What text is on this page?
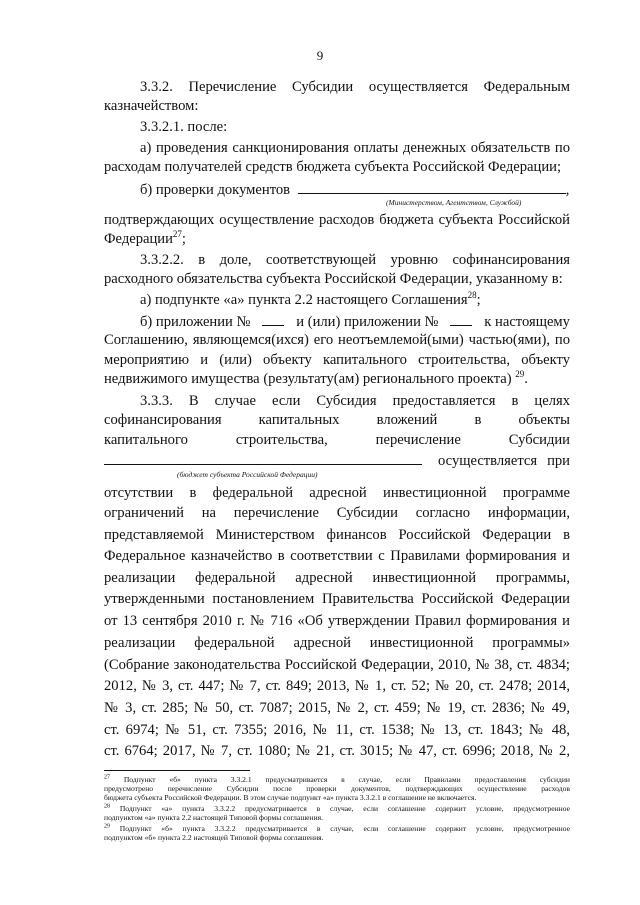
9
3.3.2. Перечисление Субсидии осуществляется Федеральным
казначейством:
3.3.2.1. после:
а) проведения санкционирования оплаты денежных обязательств по
расходам получателей средств бюджета субъекта Российской Федерации;
б) проверки документов	,
(Министерством, Агентством, Службой)
подтверждающих осуществление расходов бюджета субъекта Российской
Федерации$^{27}$;
3.3.2.2. в доле, соответствующей уровню софинансирования
расходного обязательства субъекта Российской Федерации, указанному в:
а) подпункте «а» пункта 2.2 настоящего Соглашения$^{28}$;
б) приложении №	и (или) приложении №	к настоящему
Соглашению, являющемся(ихся) его неотъемлемой(ыми) частью(ями), по
мероприятию и (или) объекту капитального строительства, объекту
недвижимого имущества (результату(ам) регионального проекта) $^{29}$.
3.3.3. В случае если Субсидия предоставляется в целях
софинансирования капитальных вложений в объекты
капитального строительства, перечисление Субсидии
осуществляется при
(бюджет субъекта Российской Федерации)
отсутствии в федеральной адресной инвестиционной программе
ограничений на перечисление Субсидии согласно информации,
представляемой Министерством финансов Российской Федерации в
Федеральное казначейство в соответствии с Правилами формирования и
реализации федеральной адресной инвестиционной программы,
утвержденными постановлением Правительства Российской Федерации
от 13 сентября 2010 г. № 716 «Об утверждении Правил формирования и
реализации федеральной адресной инвестиционной программы»
(Собрание законодательства Российской Федерации, 2010, № 38, ст. 4834;
2012, № 3, ст. 447; № 7, ст. 849; 2013, № 1, ст. 52; № 20, ст. 2478; 2014,
№ 3, ст. 285; № 50, ст. 7087; 2015, № 2, ст. 459; № 19, ст. 2836; № 49,
ст. 6974; № 51, ст. 7355; 2016, № 11, ст. 1538; № 13, ст. 1843; № 48,
ст. 6764; 2017, № 7, ст. 1080; № 21, ст. 3015; № 47, ст. 6996; 2018, № 2,
$^{27}$ Подпункт «б» пункта 3.3.2.1 предусматривается в случае, если Правилами предоставления субсидии
предусмотрено перечисление Субсидии после проверки документов, подтверждающих осуществление расходов
бюджета субъекта Российской Федерации. В этом случае подпункт «а» пункта 3.3.2.1 в соглашение не включается.
$^{28}$ Подпункт «а» пункта 3.3.2.2 предусматривается в случае, если соглашение содержит условие, предусмотренное
подпунктом «а» пункта 2.2 настоящей Типовой формы соглашения.
$^{29}$ Подпункт «б» пункта 3.3.2.2 предусматривается в случае, если соглашение содержит условие, предусмотренное
подпунктом «б» пункта 2.2 настоящей Типовой формы соглашения.
